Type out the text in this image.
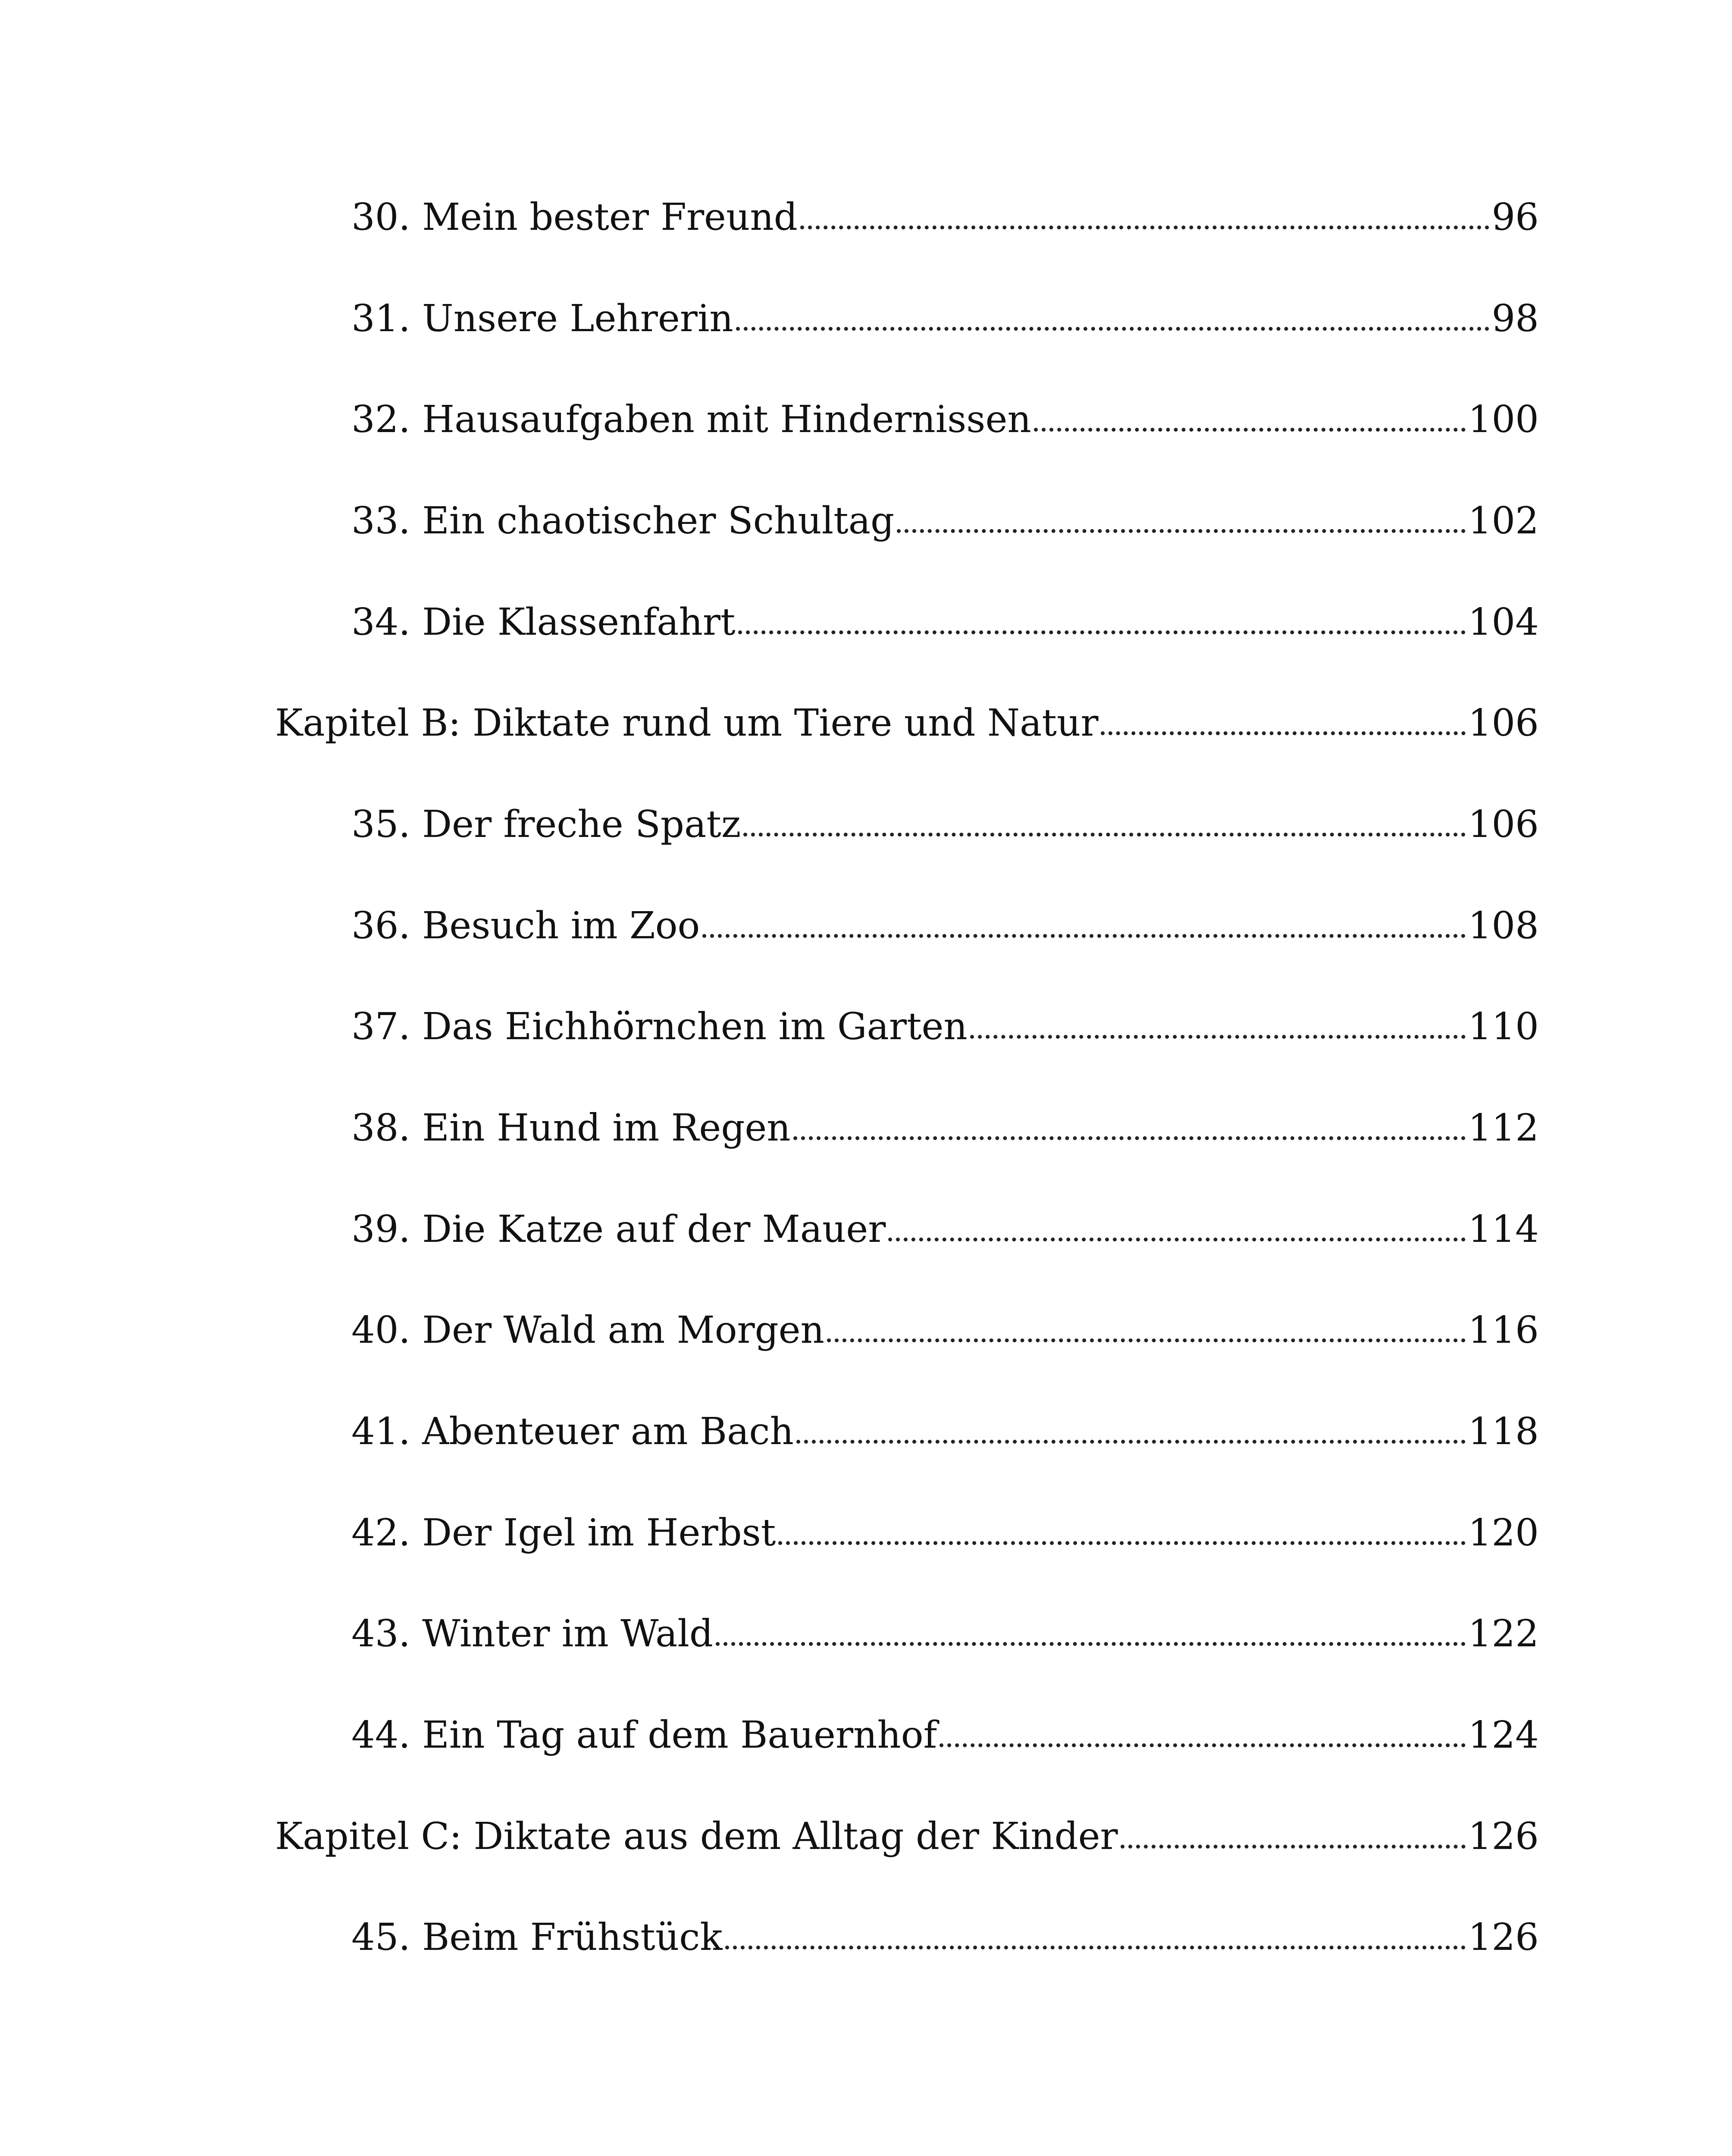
30. Mein bester Freund	96
31. Unsere Lehrerin	98
32. Hausaufgaben mit Hindernissen	100
33. Ein chaotischer Schultag	102
34. Die Klassenfahrt	104
Kapitel B: Diktate rund um Tiere und Natur	106
35. Der freche Spatz	106
36. Besuch im Zoo	108
37. Das Eichhörnchen im Garten	110
38. Ein Hund im Regen	112
39. Die Katze auf der Mauer	114
40. Der Wald am Morgen	116
41. Abenteuer am Bach	118
42. Der Igel im Herbst	120
43. Winter im Wald	122
44. Ein Tag auf dem Bauernhof	124
Kapitel C: Diktate aus dem Alltag der Kinder	126
45. Beim Frühstück	126
